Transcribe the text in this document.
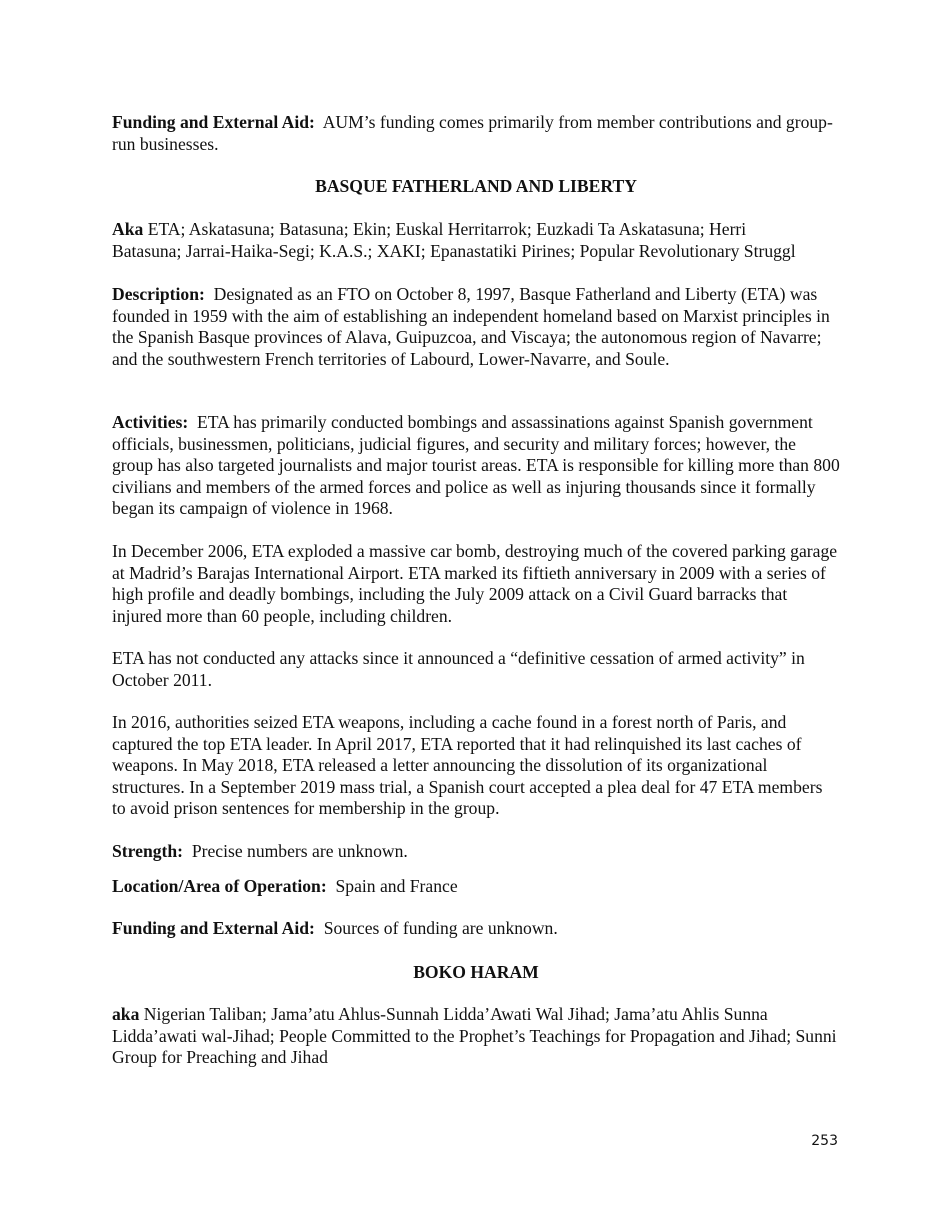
Funding and External Aid: AUM’s funding comes primarily from member contributions and group-run businesses.

BASQUE FATHERLAND AND LIBERTY

Aka ETA; Askatasuna; Batasuna; Ekin; Euskal Herritarrok; Euzkadi Ta Askatasuna; Herri
Batasuna; Jarrai-Haika-Segi; K.A.S.; XAKI; Epanastatiki Pirines; Popular Revolutionary Struggl

Description: Designated as an FTO on October 8, 1997, Basque Fatherland and Liberty (ETA) was founded in 1959 with the aim of establishing an independent homeland based on Marxist principles in the Spanish Basque provinces of Alava, Guipuzcoa, and Viscaya; the autonomous region of Navarre; and the southwestern French territories of Labourd, Lower-Navarre, and Soule.

Activities: ETA has primarily conducted bombings and assassinations against Spanish government officials, businessmen, politicians, judicial figures, and security and military forces; however, the group has also targeted journalists and major tourist areas. ETA is responsible for killing more than 800 civilians and members of the armed forces and police as well as injuring thousands since it formally began its campaign of violence in 1968.

In December 2006, ETA exploded a massive car bomb, destroying much of the covered parking garage at Madrid’s Barajas International Airport. ETA marked its fiftieth anniversary in 2009 with a series of high profile and deadly bombings, including the July 2009 attack on a Civil Guard barracks that injured more than 60 people, including children.

ETA has not conducted any attacks since it announced a “definitive cessation of armed activity” in October 2011.

In 2016, authorities seized ETA weapons, including a cache found in a forest north of Paris, and captured the top ETA leader. In April 2017, ETA reported that it had relinquished its last caches of weapons. In May 2018, ETA released a letter announcing the dissolution of its organizational structures. In a September 2019 mass trial, a Spanish court accepted a plea deal for 47 ETA members to avoid prison sentences for membership in the group.

Strength: Precise numbers are unknown.

Location/Area of Operation: Spain and France

Funding and External Aid: Sources of funding are unknown.

BOKO HARAM

aka Nigerian Taliban; Jama’atu Ahlus-Sunnah Lidda’Awati Wal Jihad; Jama’atu Ahlis Sunna Lidda’awati wal-Jihad; People Committed to the Prophet’s Teachings for Propagation and Jihad; Sunni Group for Preaching and Jihad

253
